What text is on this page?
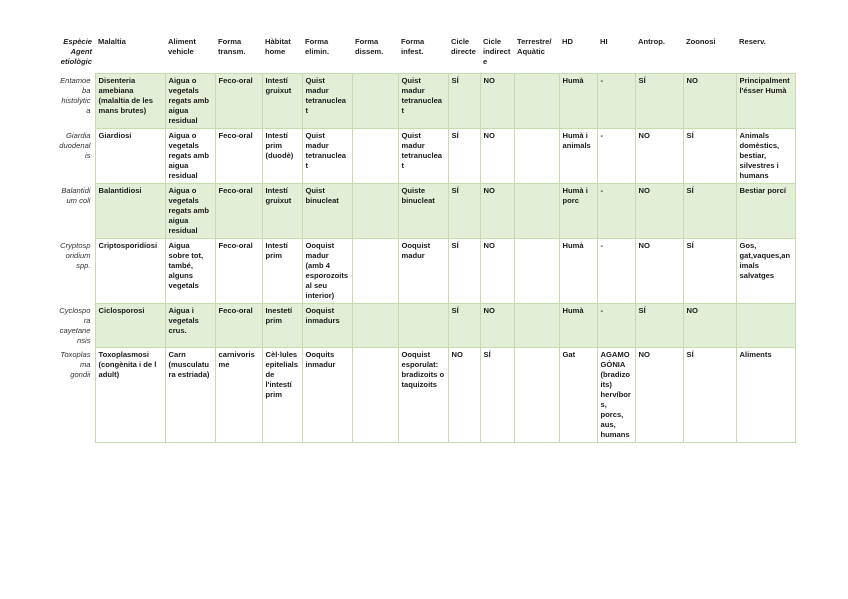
Espècie Agent etiològic	Malaltia	Aliment vehicle	Forma transm.	Hàbitat home	Forma elimin.	Forma dissem.	Forma infest.	Cicle directe	Cicle indirecte	Terrestre/ Aquàtic	HD	HI	Antrop.	Zoonosi	Reserv.
Entamoeba histolytica	Disenteria amebiana (malaltia de les mans brutes)	Aigua o vegetals regats amb aigua residual	Feco-oral	Intestí gruixut	Quist madur tetranucleat		Quist madur tetranucleat	SÍ	NO		Humà	-	SÍ	NO	Principalment l'ésser Humà
Giardia duodenalis	Giardiosi	Aigua o vegetals regats amb aigua residual	Feco-oral	Intestí prim (duodè)	Quist madur tetranucleat		Quist madur tetranucleat	SÍ	NO		Humà i animals	-	NO	SÍ	Animals domèstics, bestiar, silvestres i humans
Balantidium coli	Balantidiosi	Aigua o vegetals regats amb aigua residual	Feco-oral	Intestí gruixut	Quist binucleat		Quiste binucleat	SÍ	NO		Humà i porc	-	NO	SÍ	Bestiar porcí
Cryptosporidium spp.	Criptosporidiosi	Aigua sobre tot, també, alguns vegetals	Feco-oral	Intestí prim	Ooquist madur (amb 4 esporozoits al seu interior)		Ooquist madur	SÍ	NO		Humà	-	NO	SÍ	Gos, gat,vaques,animals salvatges
Cyclospora cayetanensis	Ciclosporosi	Aigua i vegetals crus.	Feco-oral	Inestetí prim	Ooquist inmadurs			SÍ	NO		Humà	-	SÍ	NO	
Toxoplasma gondii	Toxoplasmosi (congènita i de l adult)	Carn (musculatura estriada)	carnivorisme	Cèl·lules epitelials de l'intestí prim	Ooquits inmadur		Ooquist esporulat: bradizoits o taquizoits	NO	SÍ		Gat	AGAMOGÒNIA (bradizoits) hervíbors, porcs, aus, humans	NO	SÍ	Aliments
